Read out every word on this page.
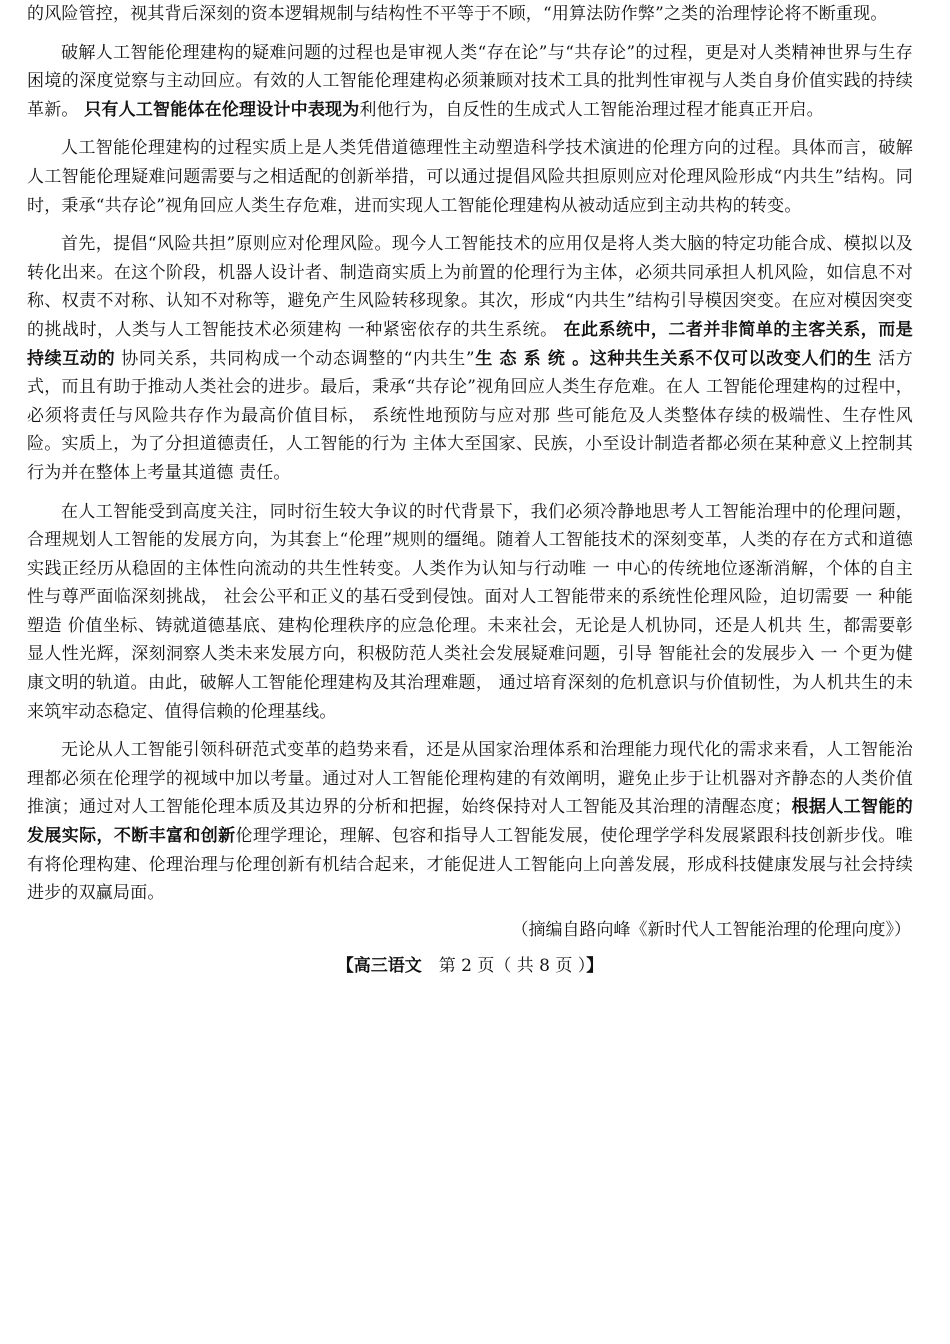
的风险管控，视其背后深刻的资本逻辑规制与结构性不平等于不顾，“用算法防作弊”之类的治理悖论将不断重现。

破解人工智能伦理建构的疑难问题的过程也是审视人类“存在论”与“共存论”的过程，更是对人类精神世界与生存困境的深度觉察与主动回应。有效的人工智能伦理建构必须兼顾对技术工具的批判性审视与人类自身价值实践的持续革新。 只有人工智能体在伦理设计中表现为利他行为，自反性的生成式人工智能治理过程才能真正开启。

人工智能伦理建构的过程实质上是人类凭借道德理性主动塑造科学技术演进的伦理方向的过程。具体而言，破解人工智能伦理疑难问题需要与之相适配的创新举措，可以通过提倡风险共担原则应对伦理风险形成“内共生”结构。同时，秉承“共存论”视角回应人类生存危难，进而实现人工智能伦理建构从被动适应到主动共构的转变。

首先，提倡“风险共担”原则应对伦理风险。现今人工智能技术的应用仅是将人类大脑的特定功能合成、模拟以及转化出来。在这个阶段，机器人设计者、制造商实质上为前置的伦理行为主体，必须共同承担人机风险，如信息不对称、权责不对称、认知不对称等，避免产生风险转移现象。其次，形成“内共生”结构引导模因突变。在应对模因突变的挑战时，人类与人工智能技术必须建构 一种紧密依存的共生系统。 在此系统中，二者并非简单的主客关系，而是持续互动的 协同关系，共同构成一个动态调整的“内共生”生 态 系 统 。这种共生关系不仅可以改变人们的生 活方式，而且有助于推动人类社会的进步。最后，秉承“共存论”视角回应人类生存危难。在人 工智能伦理建构的过程中，必须将责任与风险共存作为最高价值目标， 系统性地预防与应对那 些可能危及人类整体存续的极端性、生存性风险。实质上，为了分担道德责任，人工智能的行为 主体大至国家、民族，小至设计制造者都必须在某种意义上控制其行为并在整体上考量其道德 责任。

在人工智能受到高度关注，同时衍生较大争议的时代背景下，我们必须冷静地思考人工智能治理中的伦理问题，合理规划人工智能的发展方向，为其套上“伦理”规则的缰绳。随着人工智能技术的深刻变革，人类的存在方式和道德实践正经历从稳固的主体性向流动的共生性转变。人类作为认知与行动唯 一 中心的传统地位逐渐消解，个体的自主性与尊严面临深刻挑战， 社会公平和正义的基石受到侵蚀。面对人工智能带来的系统性伦理风险，迫切需要 一 种能塑造 价值坐标、铸就道德基底、建构伦理秩序的应急伦理。未来社会，无论是人机协同，还是人机共 生，都需要彰显人性光辉，深刻洞察人类未来发展方向，积极防范人类社会发展疑难问题，引导 智能社会的发展步入 一 个更为健康文明的轨道。由此，破解人工智能伦理建构及其治理难题， 通过培育深刻的危机意识与价值韧性，为人机共生的未来筑牢动态稳定、值得信赖的伦理基线。

无论从人工智能引领科研范式变革的趋势来看，还是从国家治理体系和治理能力现代化的需求来看，人工智能治理都必须在伦理学的视域中加以考量。通过对人工智能伦理构建的有效阐明，避免止步于让机器对齐静态的人类价值推演；通过对人工智能伦理本质及其边界的分析和把握，始终保持对人工智能及其治理的清醒态度；根据人工智能的发展实际，不断丰富和创新伦理学理论，理解、包容和指导人工智能发展，使伦理学学科发展紧跟科技创新步伐。唯有将伦理构建、伦理治理与伦理创新有机结合起来，才能促进人工智能向上向善发展，形成科技健康发展与社会持续进步的双赢局面。

（摘编自路向峰《新时代人工智能治理的伦理向度》）
【高三语文　第 2 页（ 共 8 页 ）】
